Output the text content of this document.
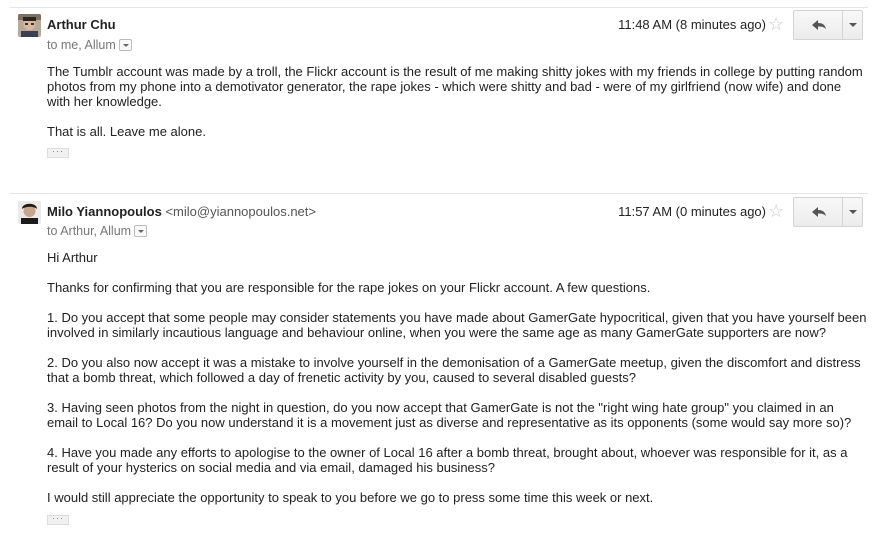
Arthur Chu
to me, Allum
11:48 AM (8 minutes ago) ☆

The Tumblr account was made by a troll, the Flickr account is the result of me making shitty jokes with my friends in college by putting random photos from my phone into a demotivator generator, the rape jokes - which were shitty and bad - were of my girlfriend (now wife) and done with her knowledge.

That is all. Leave me alone.

···
Milo Yiannopoulos <milo@yiannopoulos.net>
to Arthur, Allum
11:57 AM (0 minutes ago) ☆

Hi Arthur

Thanks for confirming that you are responsible for the rape jokes on your Flickr account. A few questions.

1. Do you accept that some people may consider statements you have made about GamerGate hypocritical, given that you have yourself been involved in similarly incautious language and behaviour online, when you were the same age as many GamerGate supporters are now?

2. Do you also now accept it was a mistake to involve yourself in the demonisation of a GamerGate meetup, given the discomfort and distress that a bomb threat, which followed a day of frenetic activity by you, caused to several disabled guests?

3. Having seen photos from the night in question, do you now accept that GamerGate is not the "right wing hate group" you claimed in an email to Local 16? Do you now understand it is a movement just as diverse and representative as its opponents (some would say more so)?

4. Have you made any efforts to apologise to the owner of Local 16 after a bomb threat, brought about, whoever was responsible for it, as a result of your hysterics on social media and via email, damaged his business?

I would still appreciate the opportunity to speak to you before we go to press some time this week or next.

···
